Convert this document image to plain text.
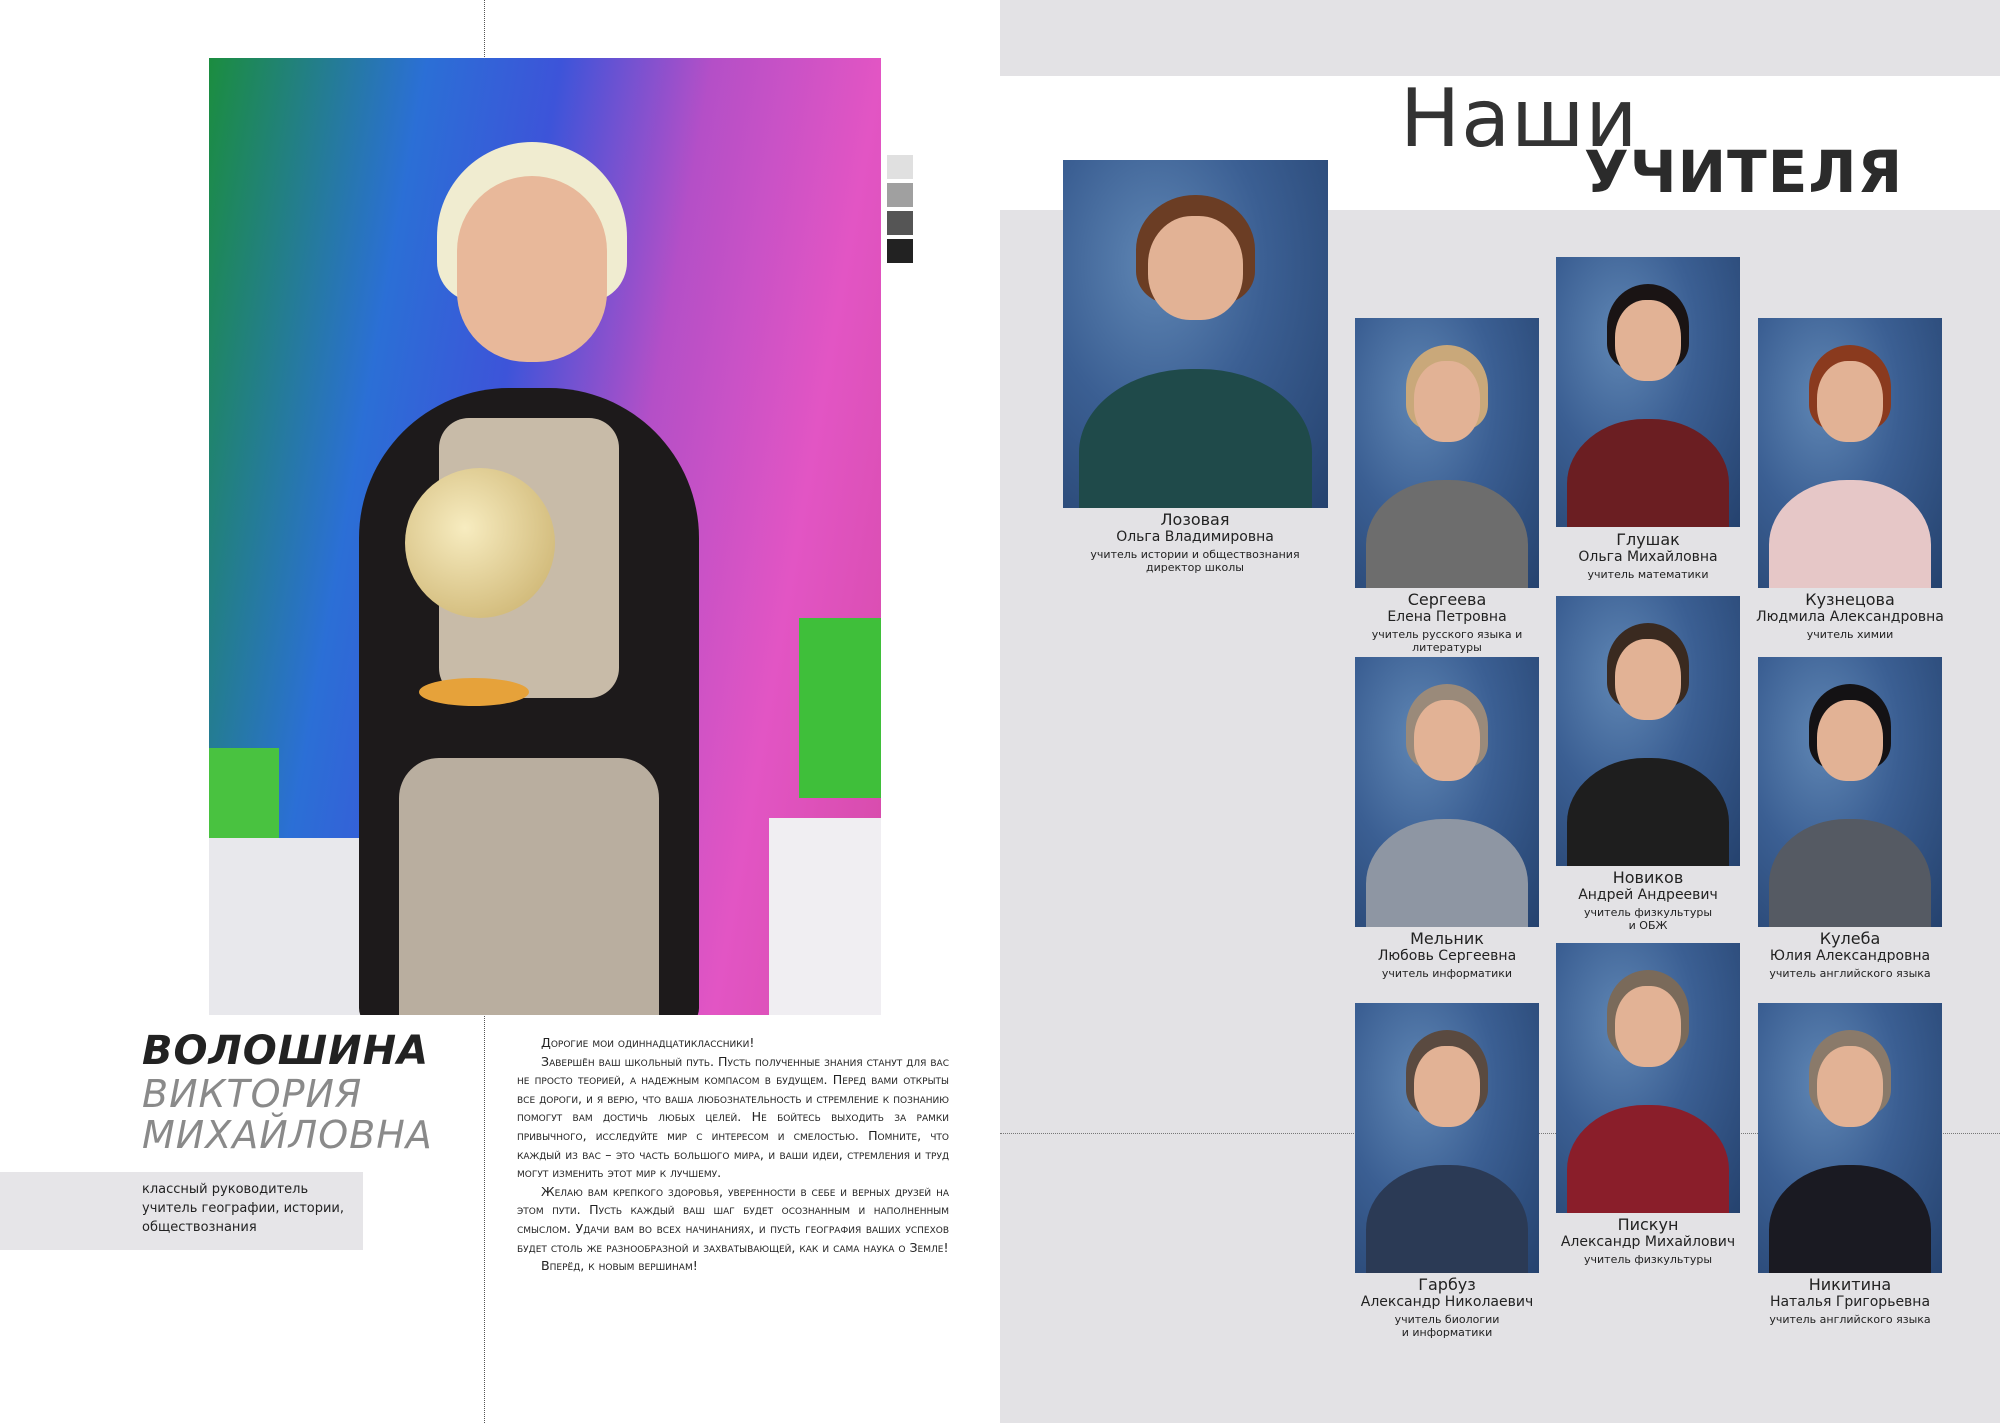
ВОЛОШИНА
ВИКТОРИЯ
МИХАЙЛОВНА
классный руководитель
учитель географии, истории,
обществознания

Дорогие мои одиннадцатиклассники!

Завершён ваш школьный путь. Пусть полученные знания станут для вас не просто теорией, а надежным компасом в будущем. Перед вами открыты все дороги, и я верю, что ваша любознательность и стремление к познанию помогут вам достичь любых целей. Не бойтесь выходить за рамки привычного, исследуйте мир с интересом и смелостью. Помните, что каждый из вас – это часть большого мира, и ваши идеи, стремления и труд могут изменить этот мир к лучшему.

Желаю вам крепкого здоровья, уверенности в себе и верных друзей на этом пути. Пусть каждый ваш шаг будет осознанным и наполненным смыслом. Удачи вам во всех начинаниях, и пусть география ваших успехов будет столь же разнообразной и захватывающей, как и сама наука о Земле!

Вперёд, к новым вершинам!

Наши
УЧИТЕЛЯ
Лозовая
Ольга Владимировна
учитель истории и обществознания
директор школы
Сергеева
Елена Петровна
учитель русского языка и
литературы
Глушак
Ольга Михайловна
учитель математики
Кузнецова
Людмила Александровна
учитель химии
Мельник
Любовь Сергеевна
учитель информатики
Новиков
Андрей Андреевич
учитель физкультуры
и ОБЖ
Кулеба
Юлия Александровна
учитель английского языка
Гарбуз
Александр Николаевич
учитель биологии
и информатики
Пискун
Александр Михайлович
учитель физкультуры
Никитина
Наталья Григорьевна
учитель английского языка
